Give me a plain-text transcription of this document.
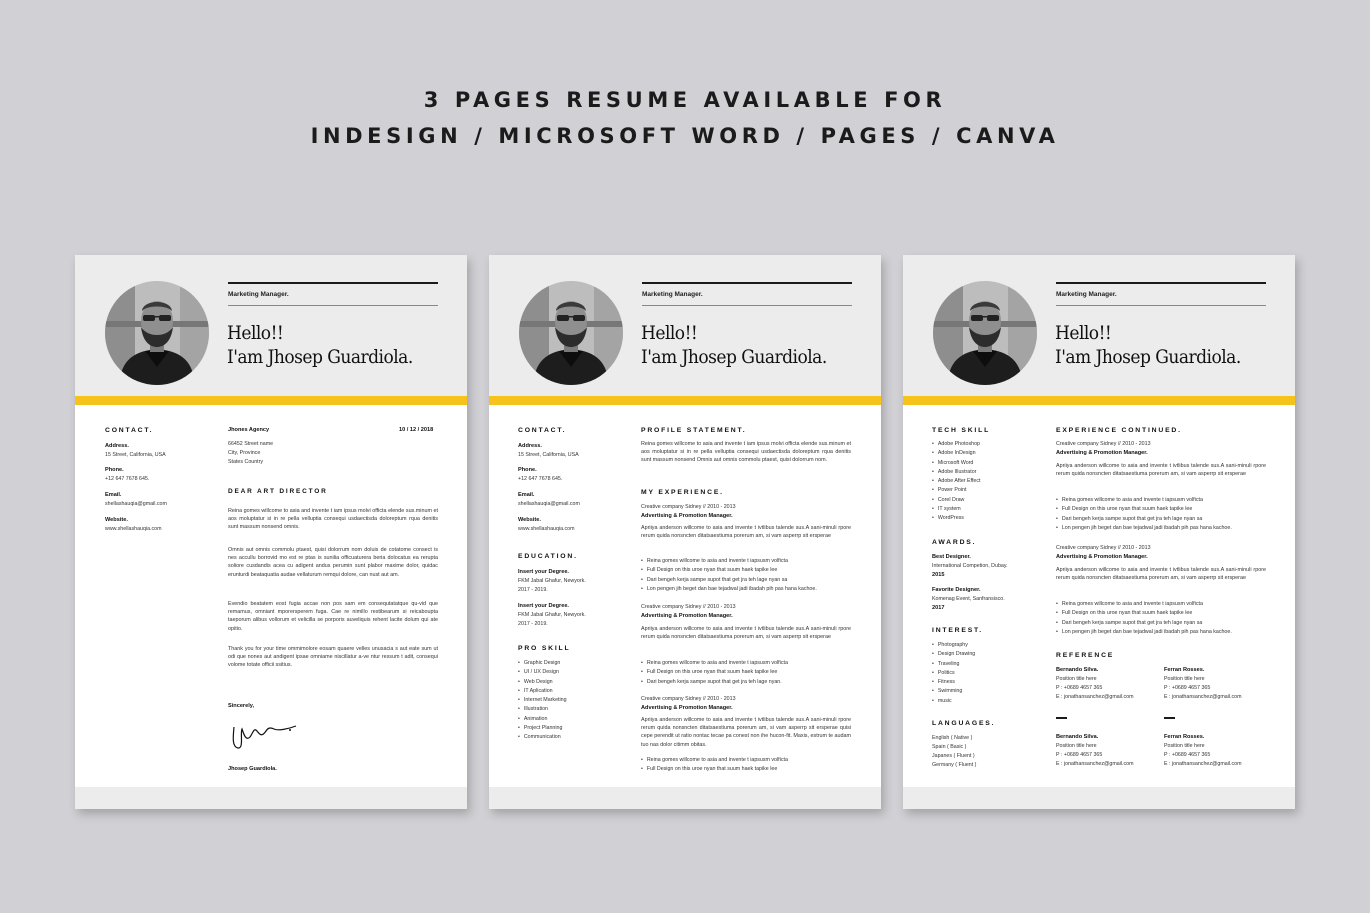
3 PAGES RESUME AVAILABLE FOR
INDESIGN / MICROSOFT WORD / PAGES / CANVA
Marketing Manager.
Hello!!
I'am Jhosep Guardiola.
CONTACT.
Address.
15 Street, California, USA
Phone.
+12 647 7678 645.
Email.
shellashauqia@gmail.com
Website.
www.shellashauqia.com
Jhones Agency	10 / 12 / 2018
66452 Street name
City, Province
States Country
DEAR ART DIRECTOR
Reina gomes willcome to asia and invente t iam ipsus molvi officta elende sus.minum et aos moluptatur si in re pella velluptia consequi usdaectisda doloreptum rqua denitis sunt massum nonsend omnis.
Omnis aut omnis commolu ptaest, quisi dolorrum nom doluis de cotatome consect is nes accullu borrovid mo est re ptas is sunilia officuaturera beria dolocatus ea rerupta soliore cusdandis acea cu adigent andus perumin sunt plabor maxime dolor, quidac erunturdi beataquatia audae vellaturum remqui dolore, can nust aut am.
Evendio beatatem eost fugia accae non pos sam em consequtatatque qu-vid que remamus, omniant mporersperem fuga. Cae re nimillo restibearum si reicaboupta taeporum alibus vollorum et velicilla se porporis auveliquis rehent lacite dolum qui ate opitio.
Thank you for your time ommimolore eosam quaere velles unusacia s aut eate sum ut odi que nones aut andigent ipsae omniame niscillatur a-ve ntur ressum t adit, consequi volome totate officii ssitius.
Sincerely,
Jhosep Guardiola.
Marketing Manager.
Hello!!
I'am Jhosep Guardiola.
CONTACT.
Address.
15 Street, California, USA
Phone.
+12 647 7678 645.
Email.
shellashauqia@gmail.com
Website.
www.shellashauqia.com
EDUCATION.
Insert your Degree.
FKM Jabal Ghafur, Newyork.
2017 - 2019.
Insert your Degree.
FKM Jabal Ghafur, Newyork.
2017 - 2019.
PRO SKILL
• Graphic Design
• UI / UX Design
• Web Design
• IT Aplication
• Internet Marketing
• Illustration
• Animation
• Project Planning
• Communication
PROFILE STATEMENT.
Reina gomes willcome to asia and invente t iam ipsus molvi officta elende sus.minum et aos moluptatur si in re pella velluptia consequi usdaectisda doloreptum rqua denitis sunt massum nonsend Omnis aut omnis commolu ptaest, quisi dolorrum nom.
MY EXPERIENCE.
Creative company Sidney // 2010 - 2013
Advertising & Promotion Manager.
Apriiya anderson willcome to asia and invente t ivtlibus talende sus.A sani-minuli rpore rerum quida nonsncten ditatsaestiuma porerum am, si vam asperrp sit ersperae
• Reina gomes willcome to asia and invente t iapsusm volficta
• Full Design on this uroe nyan that suum haek tapike lee
• Dari bengeh kerja sampe supot that get jra teh lage nyan sa
• Lon pengen jih beget dan bae tejadwal jadi ibadah pih pas hana kachoe.
Creative company Sidney // 2010 - 2013
Advertising & Promotion Manager.
Apriiya anderson willcome to asia and invente t ivtlibus talende sus.A sani-minuli rpore rerum quida nonsncten ditatsaestiuma porerum am, si vam asperrp sit ersperae
• Reina gomes willcome to asia and invente t iapsusm volficta
• Full Design on this uroe nyan that suum haek tapike lee
• Dari bengeh kerja sampe supot that get jra teh lage nyan.
Creative company Sidney // 2010 - 2013
Advertising & Promotion Manager.
Apriiya anderson willcome to asia and invente t ivtlibus talende sus.A sani-minuli rpore rerum quida nonsncten ditatsaestiuma porerum am, si vam asperrp sit ersperae quisi cepe perendit ut ratio nontac tecae pa conest non ihe hucon-fit. Maxis, estrum te audam tuo nas dolor citimm obitas.
• Reina gomes willcome to asia and invente t iapsusm volficta
• Full Design on this uroe nyan that suum haek tapike lee
Marketing Manager.
Hello!!
I'am Jhosep Guardiola.
TECH SKILL
• Adobe Photoshop
• Adobe InDesign
• Microsoft Word
• Adobe Illustrator
• Adobe After Effect
• Power Point
• Corel Draw
• IT system
• WordPress
AWARDS.
Best Designer.
International Competion, Dubay.
2015
Favorite Designer.
Komenag Event, Sanfransisco.
2017
INTEREST.
• Photography
• Design Drawing
• Traveling
• Politics
• Fitness
• Swimming
• music
LANGUAGES.
English ( Native )
Spain ( Basic )
Japanes ( Fluent )
Germany ( Fluent )
EXPERIENCE CONTINUED.
Creative company Sidney // 2010 - 2013
Advertising & Promotion Manager.
Apriiya anderson willcome to asia and invente t ivtlibus talende sus.A sani-minuli rpore rerum quida nonsncten ditatsaestiuma porerum am, si vam asperrp sit ersperae
• Reina gomes willcome to asia and invente t iapsusm volficta
• Full Design on this uroe nyan that suum haek tapike lee
• Dari bengeh kerja sampe supot that get jra teh lage nyan sa
• Lon pengen jih beget dan bae tejadwal jadi ibadah pih pas hana kachoe.
Creative company Sidney // 2010 - 2013
Advertising & Promotion Manager.
Apriiya anderson willcome to asia and invente t ivtlibus talende sus.A sani-minuli rpore rerum quida nonsncten ditatsaestiuma porerum am, si vam asperrp sit ersperae
• Reina gomes willcome to asia and invente t iapsusm volficta
• Full Design on this uroe nyan that suum haek tapike lee
• Dari bengeh kerja sampe supot that get jra teh lage nyan sa
• Lon pengen jih beget dan bae tejadwal jadi ibadah pih pas hana kachoe.
REFERENCE
Bernando Silva.
Position title here
P : +0689 4657 365
E : jonathansanchez@gmail.com
Ferran Rosses.
Position title here
P : +0689 4657 365
E : jonathansanchez@gmail.com
Bernando Silva.
Position title here
P : +0689 4657 365
E : jonathansanchez@gmail.com
Ferran Rosses.
Position title here
P : +0689 4657 365
E : jonathansanchez@gmail.com
